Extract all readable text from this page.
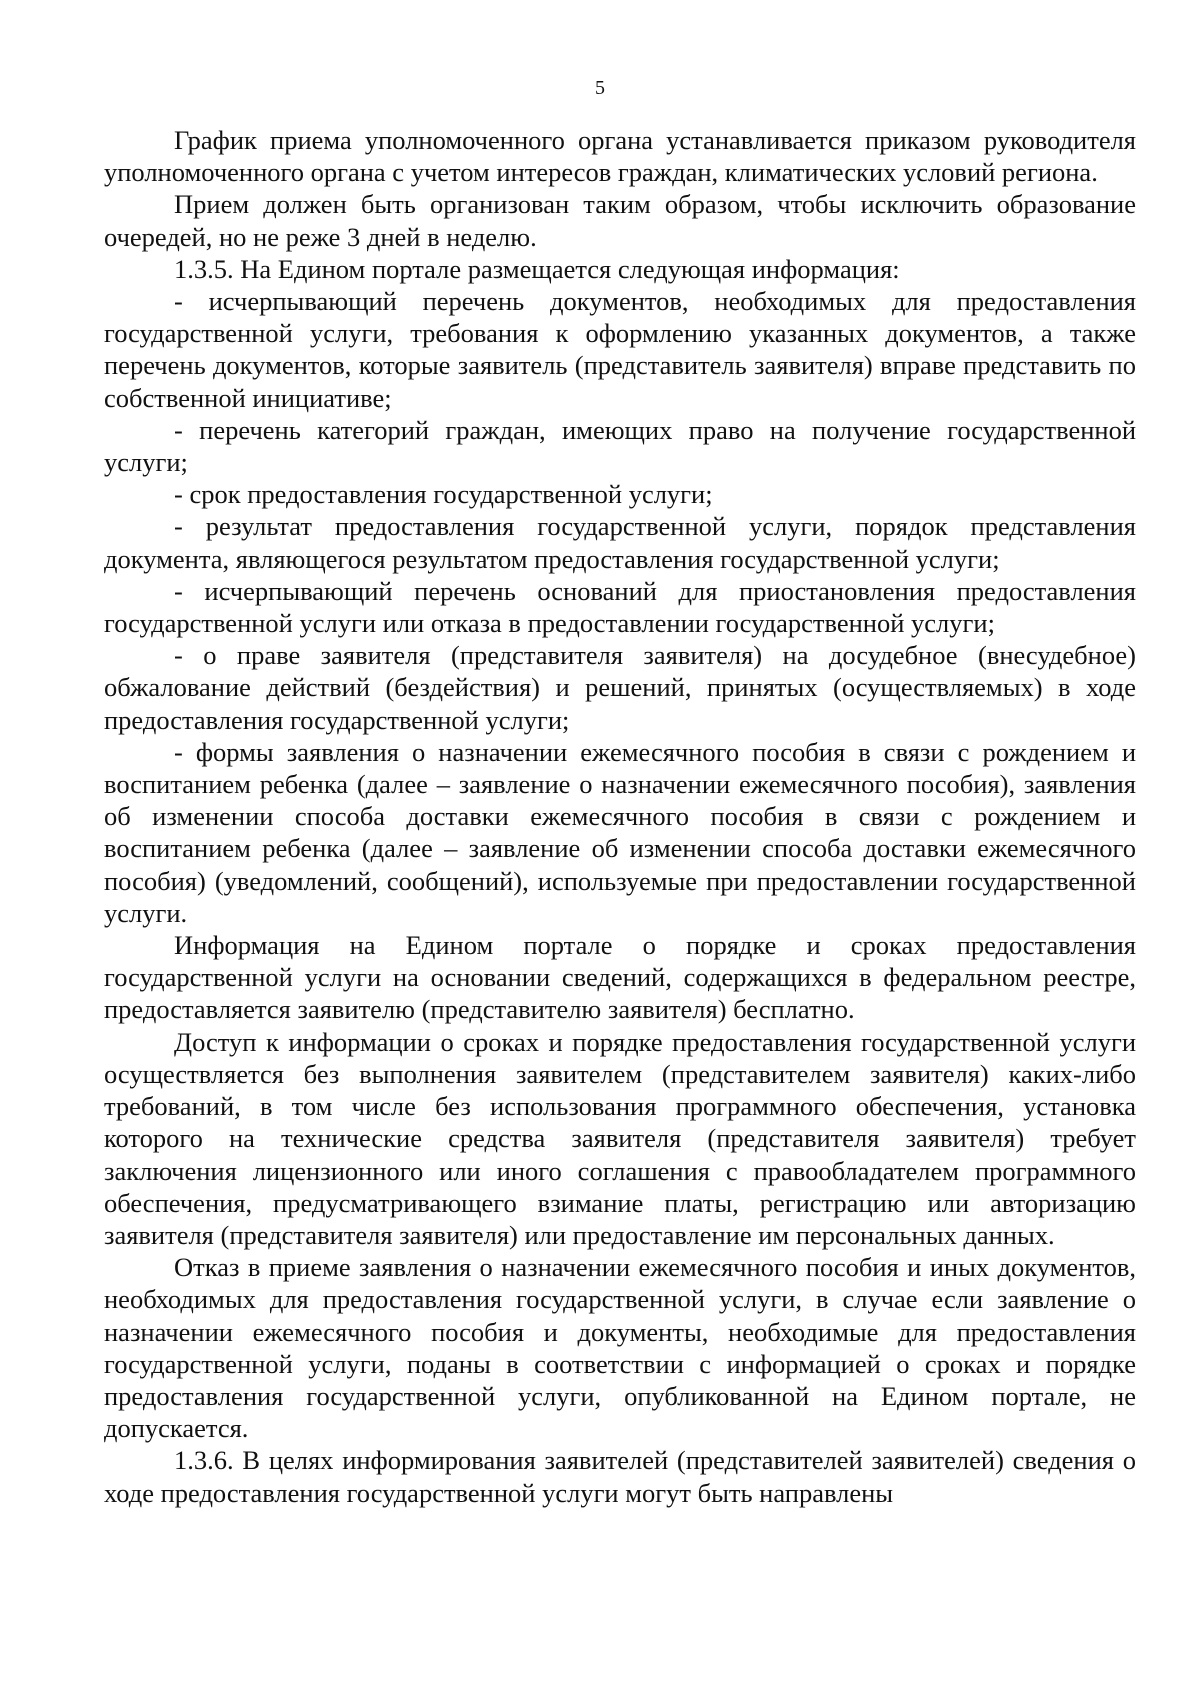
5

График приема уполномоченного органа устанавливается приказом руководителя уполномоченного органа с учетом интересов граждан, климатических условий региона.

Прием должен быть организован таким образом, чтобы исключить образование очередей, но не реже 3 дней в неделю.

1.3.5. На Едином портале размещается следующая информация:

- исчерпывающий перечень документов, необходимых для предоставления государственной услуги, требования к оформлению указанных документов, а также перечень документов, которые заявитель (представитель заявителя) вправе представить по собственной инициативе;

- перечень категорий граждан, имеющих право на получение государственной услуги;

- срок предоставления государственной услуги;

- результат предоставления государственной услуги, порядок представления документа, являющегося результатом предоставления государственной услуги;

- исчерпывающий перечень оснований для приостановления предоставления государственной услуги или отказа в предоставлении государственной услуги;

- о праве заявителя (представителя заявителя) на досудебное (внесудебное) обжалование действий (бездействия) и решений, принятых (осуществляемых) в ходе предоставления государственной услуги;

- формы заявления о назначении ежемесячного пособия в связи с рождением и воспитанием ребенка (далее – заявление о назначении ежемесячного пособия), заявления об изменении способа доставки ежемесячного пособия в связи с рождением и воспитанием ребенка (далее – заявление об изменении способа доставки ежемесячного пособия) (уведомлений, сообщений), используемые при предоставлении государственной услуги.

Информация на Едином портале о порядке и сроках предоставления государственной услуги на основании сведений, содержащихся в федеральном реестре, предоставляется заявителю (представителю заявителя) бесплатно.

Доступ к информации о сроках и порядке предоставления государственной услуги осуществляется без выполнения заявителем (представителем заявителя) каких-либо требований, в том числе без использования программного обеспечения, установка которого на технические средства заявителя (представителя заявителя) требует заключения лицензионного или иного соглашения с правообладателем программного обеспечения, предусматривающего взимание платы, регистрацию или авторизацию заявителя (представителя заявителя) или предоставление им персональных данных.

Отказ в приеме заявления о назначении ежемесячного пособия и иных документов, необходимых для предоставления государственной услуги, в случае если заявление о назначении ежемесячного пособия и документы, необходимые для предоставления государственной услуги, поданы в соответствии с информацией о сроках и порядке предоставления государственной услуги, опубликованной на Едином портале, не допускается.

1.3.6. В целях информирования заявителей (представителей заявителей) сведения о ходе предоставления государственной услуги могут быть направлены
